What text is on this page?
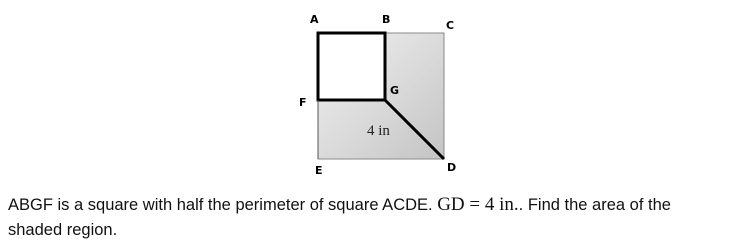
A	B	C
F
G
D
E
4 in
ABGF is a square with half the perimeter of square ACDE. GD = 4 in.. Find the area of the shaded region.
